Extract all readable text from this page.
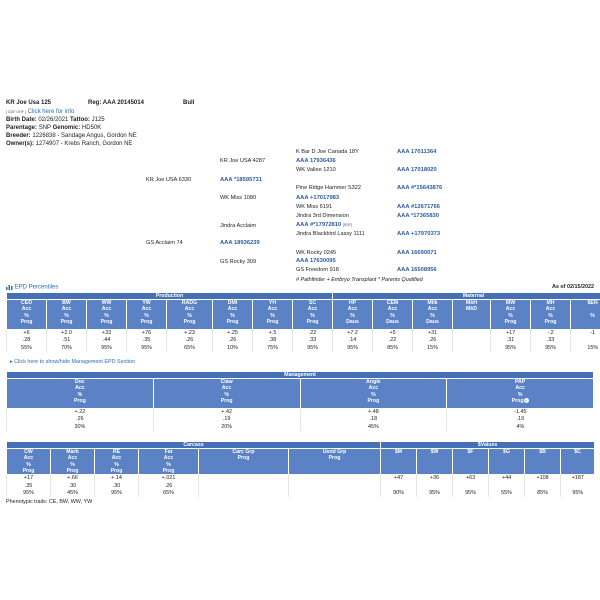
KR Joe Usa 125	Reg: AAA 20145014	Bull
[ DDF OHF ] Click here for info
Birth Date: 02/26/2021 Tattoo: J125
Parentage: SNP Genomic: HD50K
Breeder: 1226838 - Sandage Angus, Gordon NE
Owner(s): 1274907 - Krebs Ranch, Gordon NE
K Bar D Joe Canada 18Y	AAA 17011364
KR Joe USA 4287	AAA 17936436
WK Vallee 1210	AAA 17018020
KR Joe USA 6330	AAA *18595731
Pine Ridge Hammer S322	AAA #*15643876
WK Miss 1080	AAA +17017983
WK Miss 6191	AAA #12671766
Jindra 3rd Dimension	AAA *17365830
Jindra Acclaim	AAA #*17972810 [RDF]
Jindra Blackbird Lassy 1111	AAA +17970373
GS Acclaim 74	AAA 18936239
WK Rocky 0245	AAA 16690071
GS Rocky 309	AAA 17630095
GS Freedom 918	AAA 16508956
# Pathfinder + Embryo Transplant * Parents Qualified
EPD Percentiles	As of 02/15/2022
Production								Maternal						
CED
Acc
%
Prog	BW
Acc
%
Prog	WW
Acc
%
Prog	YW
Acc
%
Prog	RADG
Acc
%
Prog	DMI
Acc
%
Prog	YH
Acc
%
Prog	SC
Acc
%
Prog	HP
Acc
%
Daus	CEM
Acc
%
Daus	Milk
Acc
%
Daus	MkH
MkD	MW
Acc
%
Prog	MH
Acc
%
Prog	$EN

%
+6	+2.0	+33	+76	+.23	+.25	+.5	.22	+7.2	+5	+31		+17	-.2	-1
.28	.51	.44	.35	.26	.26	.38	.33	.14	.22	.26		.31	.33	
55%	70%	95%	95%	65%	10%	75%	95%	95%	85%	15%		95%	95%	15%
▸ Click here to show/hide Management EPD Section
Management			
Doc
Acc
%
Prog	Claw
Acc
%
Prog	Angle
Acc
%
Prog	PAP
Acc
%
Prog i
+.22	+.42	+.48	-1.45
.26	.19	.18	.19
30%	20%	45%	4%
Carcass						$Values					
CW
Acc
%
Prog	Marb
Acc
%
Prog	RE
Acc
%
Prog	Fat
Acc
%
Prog	Carc Grp
Prog	Usnd Grp
Prog	$M	$W	$F	$G	$B	$C
+17	+.66	+.14	+.021			+47	+36	+63	+44	+108	+187
.35	.30	.30	.26								
95%	45%	95%	65%			90%	95%	95%	55%	85%	95%
Phenotypic traits: CE, BW, WW, YW
